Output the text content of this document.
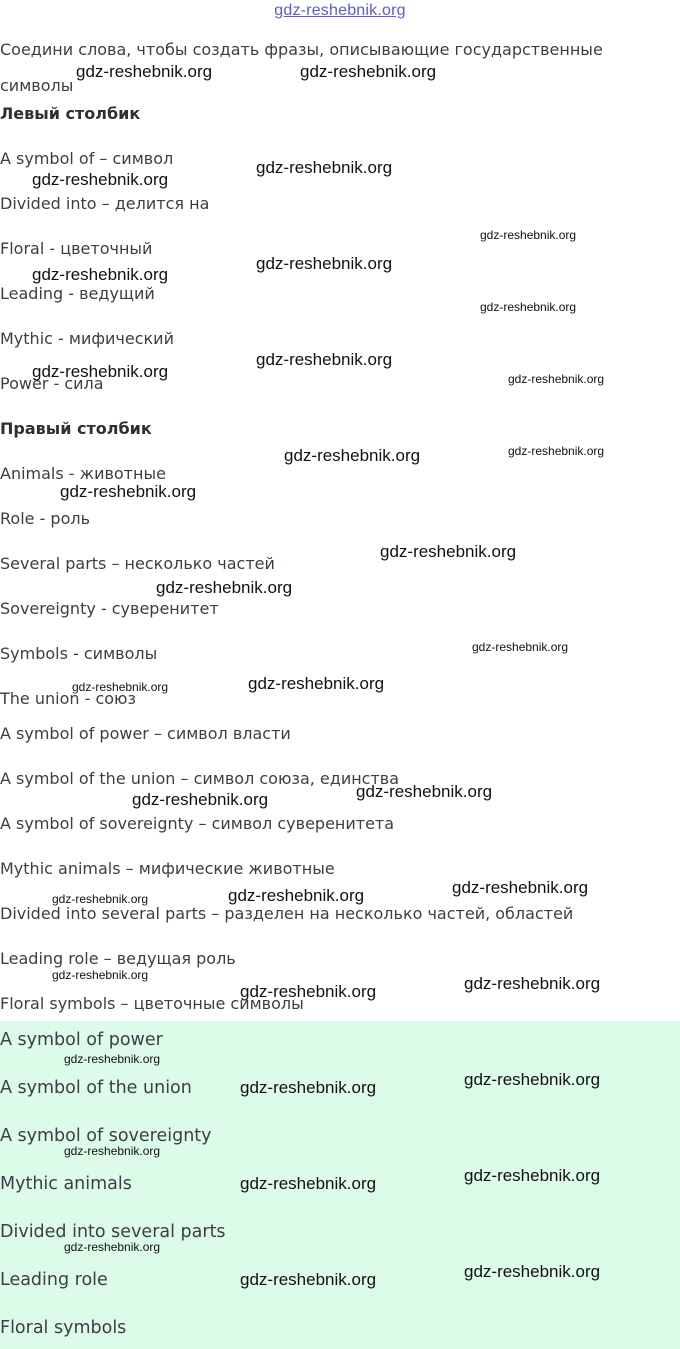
gdz-reshebnik.org
Соедини слова, чтобы создать фразы, описывающие государственные символы
Левый столбик
A symbol of – символ
Divided into – делится на
Floral - цветочный
Leading - ведущий
Mythic - мифический
Power - сила
Правый столбик
Animals - животные
Role - роль
Several parts – несколько частей
Sovereignty - суверенитет
Symbols - символы
The union - союз
A symbol of power – символ власти
A symbol of the union – символ союза, единства
A symbol of sovereignty – символ суверенитета
Mythic animals – мифические животные
Divided into several parts – разделен на несколько частей, областей
Leading role – ведущая роль
Floral symbols – цветочные символы
A symbol of power
A symbol of the union
A symbol of sovereignty
Mythic animals
Divided into several parts
Leading role
Floral symbols
gdz-reshebnik.org	gdz-reshebnik.org
gdz-reshebnik.org
gdz-reshebnik.org
gdz-reshebnik.org
gdz-reshebnik.org
gdz-reshebnik.org
gdz-reshebnik.org
gdz-reshebnik.org
gdz-reshebnik.org	gdz-reshebnik.org
gdz-reshebnik.org
gdz-reshebnik.org
gdz-reshebnik.org
gdz-reshebnik.org
gdz-reshebnik.org
gdz-reshebnik.org
gdz-reshebnik.org	gdz-reshebnik.org
gdz-reshebnik.org
gdz-reshebnik.org
gdz-reshebnik.org
gdz-reshebnik.org
gdz-reshebnik.org
gdz-reshebnik.org	gdz-reshebnik.org
gdz-reshebnik.org
gdz-reshebnik.org
gdz-reshebnik.org
gdz-reshebnik.org
gdz-reshebnik.org
gdz-reshebnik.org
gdz-reshebnik.org
gdz-reshebnik.org
gdz-reshebnik.org
gdz-reshebnik.org
